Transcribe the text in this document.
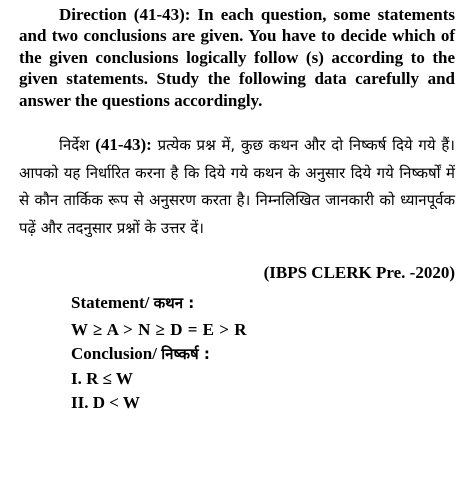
Direction (41-43): In each question, some statements and two conclusions are given. You have to decide which of the given conclusions logically follow (s) according to the given statements. Study the following data carefully and answer the questions accordingly.

निर्देश (41-43): प्रत्येक प्रश्न में, कुछ कथन और दो निष्कर्ष दिये गये हैं। आपको यह निर्धारित करना है कि दिये गये कथन के अनुसार दिये गये निष्कर्षों में से कौन तार्किक रूप से अनुसरण करता है। निम्नलिखित जानकारी को ध्यानपूर्वक पढ़ें और तदनुसार प्रश्नों के उत्तर दें।

(IBPS CLERK Pre. -2020)

Statement/ कथन :

W ≥ A > N ≥ D = E > R

Conclusion/ निष्कर्ष :

I. R ≤ W

II. D < W
